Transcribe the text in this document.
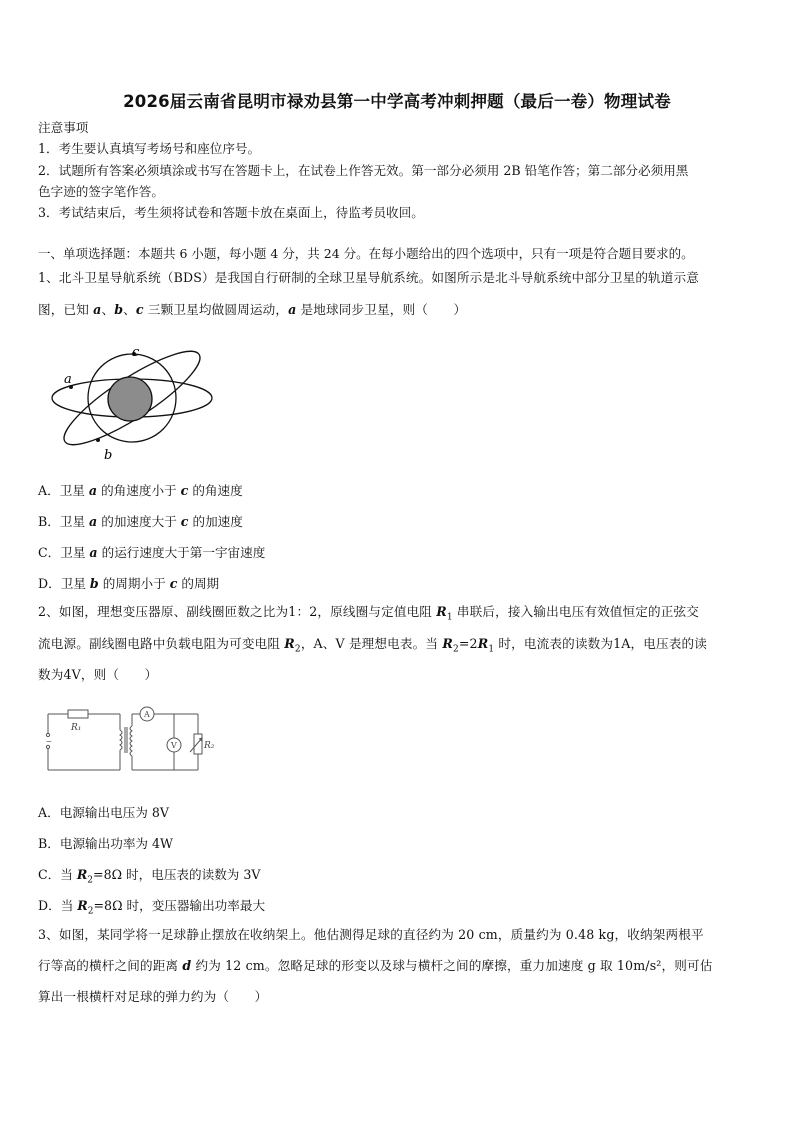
2026届云南省昆明市禄劝县第一中学高考冲刺押题（最后一卷）物理试卷
注意事项
1．考生要认真填写考场号和座位序号。
2．试题所有答案必须填涂或书写在答题卡上，在试卷上作答无效。第一部分必须用 2B 铅笔作答；第二部分必须用黑
色字迹的签字笔作答。
3．考试结束后，考生须将试卷和答题卡放在桌面上，待监考员收回。
一、单项选择题：本题共 6 小题，每小题 4 分，共 24 分。在每小题给出的四个选项中，只有一项是符合题目要求的。
1、北斗卫星导航系统（BDS）是我国自行研制的全球卫星导航系统。如图所示是北斗导航系统中部分卫星的轨道示意
图，已知 a、b、c 三颗卫星均做圆周运动，a 是地球同步卫星，则（　　）
a
b
c
A．卫星 a 的角速度小于 c 的角速度
B．卫星 a 的加速度大于 c 的加速度
C．卫星 a 的运行速度大于第一宇宙速度
D．卫星 b 的周期小于 c 的周期
2、如图，理想变压器原、副线圈匝数之比为1：2，原线圈与定值电阻 $R_1$ 串联后，接入输出电压有效值恒定的正弦交
流电源。副线圈电路中负载电阻为可变电阻 $R_2$，A、V 是理想电表。当 $R_2=2R_1$ 时，电流表的读数为1A，电压表的读
数为4V，则（　　）
~
A
V
R₁
R₂
A．电源输出电压为 8V
B．电源输出功率为 4W
C．当 $R_2=8\Omega$ 时，电压表的读数为 3V
D．当 $R_2=8\Omega$ 时，变压器输出功率最大
3、如图，某同学将一足球静止摆放在收纳架上。他估测得足球的直径约为 20 cm，质量约为 0.48 kg，收纳架两根平
行等高的横杆之间的距离 d 约为 12 cm。忽略足球的形变以及球与横杆之间的摩擦，重力加速度 g 取 10m/s²，则可估
算出一根横杆对足球的弹力约为（　　）
